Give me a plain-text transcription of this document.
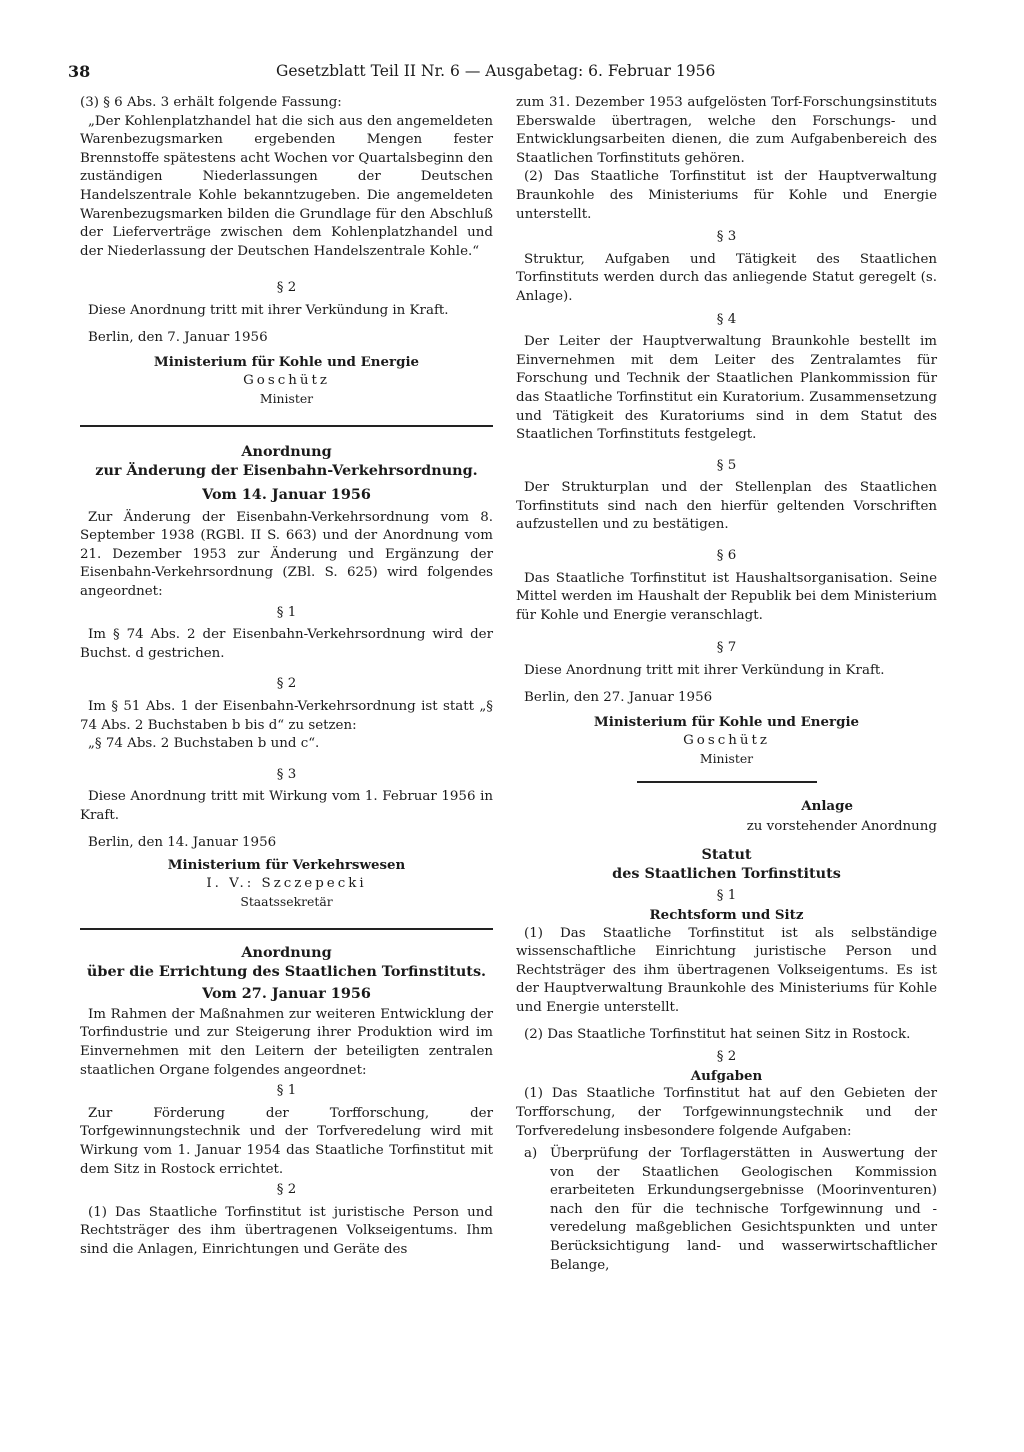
38	Gesetzblatt Teil II Nr. 6 — Ausgabetag: 6. Februar 1956

(3) § 6 Abs. 3 erhält folgende Fassung:

„Der Kohlenplatzhandel hat die sich aus den angemeldeten Warenbezugsmarken ergebenden Mengen fester Brennstoffe spätestens acht Wochen vor Quartalsbeginn den zuständigen Niederlassungen der Deutschen Handelszentrale Kohle bekanntzugeben. Die angemeldeten Warenbezugsmarken bilden die Grundlage für den Abschluß der Lieferverträge zwischen dem Kohlenplatzhandel und der Niederlassung der Deutschen Handelszentrale Kohle.“

§ 2

Diese Anordnung tritt mit ihrer Verkündung in Kraft.

Berlin, den 7. Januar 1956

Ministerium für Kohle und Energie

Goschütz

Minister

Anordnung

zur Änderung der Eisenbahn-Verkehrsordnung.

Vom 14. Januar 1956

Zur Änderung der Eisenbahn-Verkehrsordnung vom 8. September 1938 (RGBl. II S. 663) und der Anordnung vom 21. Dezember 1953 zur Änderung und Ergänzung der Eisenbahn-Verkehrsordnung (ZBl. S. 625) wird folgendes angeordnet:

§ 1

Im § 74 Abs. 2 der Eisenbahn-Verkehrsordnung wird der Buchst. d gestrichen.

§ 2

Im § 51 Abs. 1 der Eisenbahn-Verkehrsordnung ist statt „§ 74 Abs. 2 Buchstaben b bis d“ zu setzen:

„§ 74 Abs. 2 Buchstaben b und c“.

§ 3

Diese Anordnung tritt mit Wirkung vom 1. Februar 1956 in Kraft.

Berlin, den 14. Januar 1956

Ministerium für Verkehrswesen

I. V.: Szczepecki

Staatssekretär

Anordnung

über die Errichtung des Staatlichen Torfinstituts.

Vom 27. Januar 1956

Im Rahmen der Maßnahmen zur weiteren Entwicklung der Torfindustrie und zur Steigerung ihrer Produktion wird im Einvernehmen mit den Leitern der beteiligten zentralen staatlichen Organe folgendes angeordnet:

§ 1

Zur Förderung der Torfforschung, der Torfgewinnungstechnik und der Torfveredelung wird mit Wirkung vom 1. Januar 1954 das Staatliche Torfinstitut mit dem Sitz in Rostock errichtet.

§ 2

(1) Das Staatliche Torfinstitut ist juristische Person und Rechtsträger des ihm übertragenen Volkseigentums. Ihm sind die Anlagen, Einrichtungen und Geräte des

zum 31. Dezember 1953 aufgelösten Torf-Forschungsinstituts Eberswalde übertragen, welche den Forschungs- und Entwicklungsarbeiten dienen, die zum Aufgabenbereich des Staatlichen Torfinstituts gehören.

(2) Das Staatliche Torfinstitut ist der Hauptverwaltung Braunkohle des Ministeriums für Kohle und Energie unterstellt.

§ 3

Struktur, Aufgaben und Tätigkeit des Staatlichen Torfinstituts werden durch das anliegende Statut geregelt (s. Anlage).

§ 4

Der Leiter der Hauptverwaltung Braunkohle bestellt im Einvernehmen mit dem Leiter des Zentralamtes für Forschung und Technik der Staatlichen Plankommission für das Staatliche Torfinstitut ein Kuratorium. Zusammensetzung und Tätigkeit des Kuratoriums sind in dem Statut des Staatlichen Torfinstituts festgelegt.

§ 5

Der Strukturplan und der Stellenplan des Staatlichen Torfinstituts sind nach den hierfür geltenden Vorschriften aufzustellen und zu bestätigen.

§ 6

Das Staatliche Torfinstitut ist Haushaltsorganisation. Seine Mittel werden im Haushalt der Republik bei dem Ministerium für Kohle und Energie veranschlagt.

§ 7

Diese Anordnung tritt mit ihrer Verkündung in Kraft.

Berlin, den 27. Januar 1956

Ministerium für Kohle und Energie

Goschütz

Minister

Anlage

zu vorstehender Anordnung

Statut

des Staatlichen Torfinstituts

§ 1

Rechtsform und Sitz

(1) Das Staatliche Torfinstitut ist als selbständige wissenschaftliche Einrichtung juristische Person und Rechtsträger des ihm übertragenen Volkseigentums. Es ist der Hauptverwaltung Braunkohle des Ministeriums für Kohle und Energie unterstellt.

(2) Das Staatliche Torfinstitut hat seinen Sitz in Rostock.

§ 2

Aufgaben

(1) Das Staatliche Torfinstitut hat auf den Gebieten der Torfforschung, der Torfgewinnungstechnik und der Torfveredelung insbesondere folgende Aufgaben:

a) Überprüfung der Torflagerstätten in Auswertung der von der Staatlichen Geologischen Kommission erarbeiteten Erkundungsergebnisse (Moorinventuren) nach den für die technische Torfgewinnung und -veredelung maßgeblichen Gesichtspunkten und unter Berücksichtigung land- und wasserwirtschaftlicher Belange,
